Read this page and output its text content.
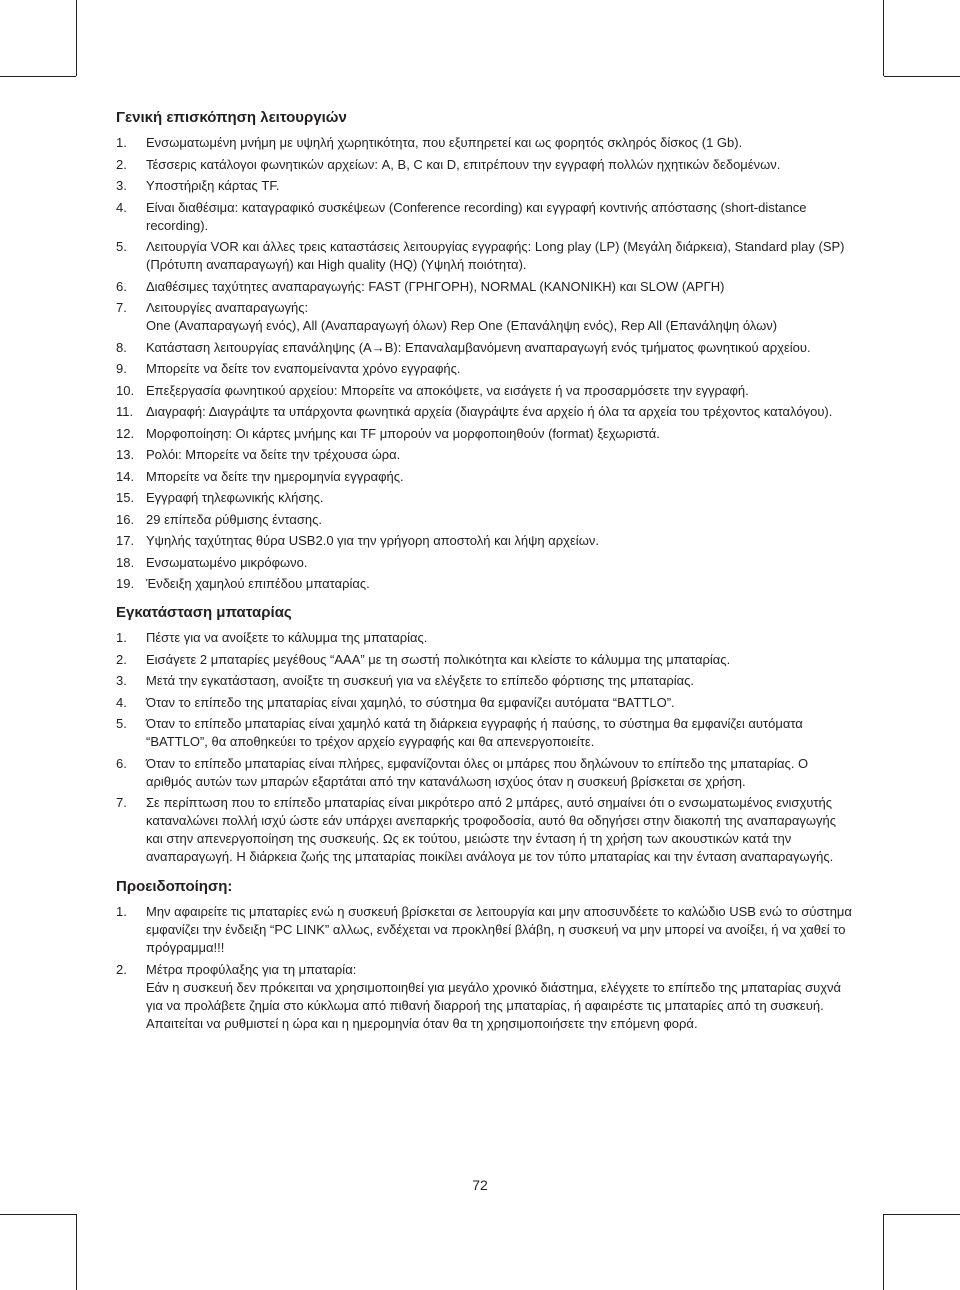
Γενική επισκόπηση λειτουργιών
1. Ενσωματωμένη μνήμη με υψηλή χωρητικότητα, που εξυπηρετεί και ως φορητός σκληρός δίσκος (1 Gb).
2. Τέσσερις κατάλογοι φωνητικών αρχείων: A, B, C και D, επιτρέπουν την εγγραφή πολλών ηχητικών δεδομένων.
3. Υποστήριξη κάρτας TF.
4. Είναι διαθέσιμα: καταγραφικό συσκέψεων (Conference recording) και εγγραφή κοντινής απόστασης (short-distance recording).
5. Λειτουργία VOR και άλλες τρεις καταστάσεις λειτουργίας εγγραφής: Long play (LP) (Μεγάλη διάρκεια), Standard play (SP) (Πρότυπη αναπαραγωγή) και High quality (HQ) (Υψηλή ποιότητα).
6. Διαθέσιμες ταχύτητες αναπαραγωγής: FAST (ΓΡΗΓΟΡΗ), NORMAL (ΚΑΝΟΝΙΚΗ) και SLOW (ΑΡΓΗ)
7. Λειτουργίες αναπαραγωγής:
One (Αναπαραγωγή ενός), All (Αναπαραγωγή όλων) Rep One (Επανάληψη ενός), Rep All (Επανάληψη όλων)
8. Κατάσταση λειτουργίας επανάληψης (A→B): Επαναλαμβανόμενη αναπαραγωγή ενός τμήματος φωνητικού αρχείου.
9. Μπορείτε να δείτε τον εναπομείναντα χρόνο εγγραφής.
10. Επεξεργασία φωνητικού αρχείου: Μπορείτε να αποκόψετε, να εισάγετε ή να προσαρμόσετε την εγγραφή.
11. Διαγραφή: Διαγράψτε τα υπάρχοντα φωνητικά αρχεία (διαγράψτε ένα αρχείο ή όλα τα αρχεία του τρέχοντος καταλόγου).
12. Μορφοποίηση: Οι κάρτες μνήμης και TF μπορούν να μορφοποιηθούν (format) ξεχωριστά.
13. Ρολόι: Μπορείτε να δείτε την τρέχουσα ώρα.
14. Μπορείτε να δείτε την ημερομηνία εγγραφής.
15. Εγγραφή τηλεφωνικής κλήσης.
16. 29 επίπεδα ρύθμισης έντασης.
17. Υψηλής ταχύτητας θύρα USB2.0 για την γρήγορη αποστολή και λήψη αρχείων.
18. Ενσωματωμένο μικρόφωνο.
19. Ένδειξη χαμηλού επιπέδου μπαταρίας.
Εγκατάσταση μπαταρίας
1. Πέστε για να ανοίξετε το κάλυμμα της μπαταρίας.
2. Εισάγετε 2 μπαταρίες μεγέθους “AAA” με τη σωστή πολικότητα και κλείστε το κάλυμμα της μπαταρίας.
3. Μετά την εγκατάσταση, ανοίξτε τη συσκευή για να ελέγξετε το επίπεδο φόρτισης της μπαταρίας.
4. Όταν το επίπεδο της μπαταρίας είναι χαμηλό, το σύστημα θα εμφανίζει αυτόματα “BATTLO”.
5. Όταν το επίπεδο μπαταρίας είναι χαμηλό κατά τη διάρκεια εγγραφής ή παύσης, το σύστημα θα εμφανίζει αυτόματα “BATTLO”, θα αποθηκεύει το τρέχον αρχείο εγγραφής και θα απενεργοποιείτε.
6. Όταν το επίπεδο μπαταρίας είναι πλήρες, εμφανίζονται όλες οι μπάρες που δηλώνουν το επίπεδο της μπαταρίας. Ο αριθμός αυτών των μπαρών εξαρτάται από την κατανάλωση ισχύος όταν η συσκευή βρίσκεται σε χρήση.
7. Σε περίπτωση που το επίπεδο μπαταρίας είναι μικρότερο από 2 μπάρες, αυτό σημαίνει ότι ο ενσωματωμένος ενισχυτής καταναλώνει πολλή ισχύ ώστε εάν υπάρχει ανεπαρκής τροφοδοσία, αυτό θα οδηγήσει στην διακοπή της αναπαραγωγής και στην απενεργοποίηση της συσκευής. Ως εκ τούτου, μειώστε την ένταση ή τη χρήση των ακουστικών κατά την αναπαραγωγή. Η διάρκεια ζωής της μπαταρίας ποικίλει ανάλογα με τον τύπο μπαταρίας και την ένταση αναπαραγωγής.
Προειδοποίηση:
1. Μην αφαιρείτε τις μπαταρίες ενώ η συσκευή βρίσκεται σε λειτουργία και μην αποσυνδέετε το καλώδιο USB ενώ το σύστημα εμφανίζει την ένδειξη “PC LINK” αλλως, ενδέχεται να προκληθεί βλάβη, η συσκευή να μην μπορεί να ανοίξει, ή να χαθεί το πρόγραμμα!!!
2. Μέτρα προφύλαξης για τη μπαταρία:
Εάν η συσκευή δεν πρόκειται να χρησιμοποιηθεί για μεγάλο χρονικό διάστημα, ελέγχετε το επίπεδο της μπαταρίας συχνά για να προλάβετε ζημία στο κύκλωμα από πιθανή διαρροή της μπαταρίας, ή αφαιρέστε τις μπαταρίες από τη συσκευή. Απαιτείται να ρυθμιστεί η ώρα και η ημερομηνία όταν θα τη χρησιμοποιήσετε την επόμενη φορά.
72
